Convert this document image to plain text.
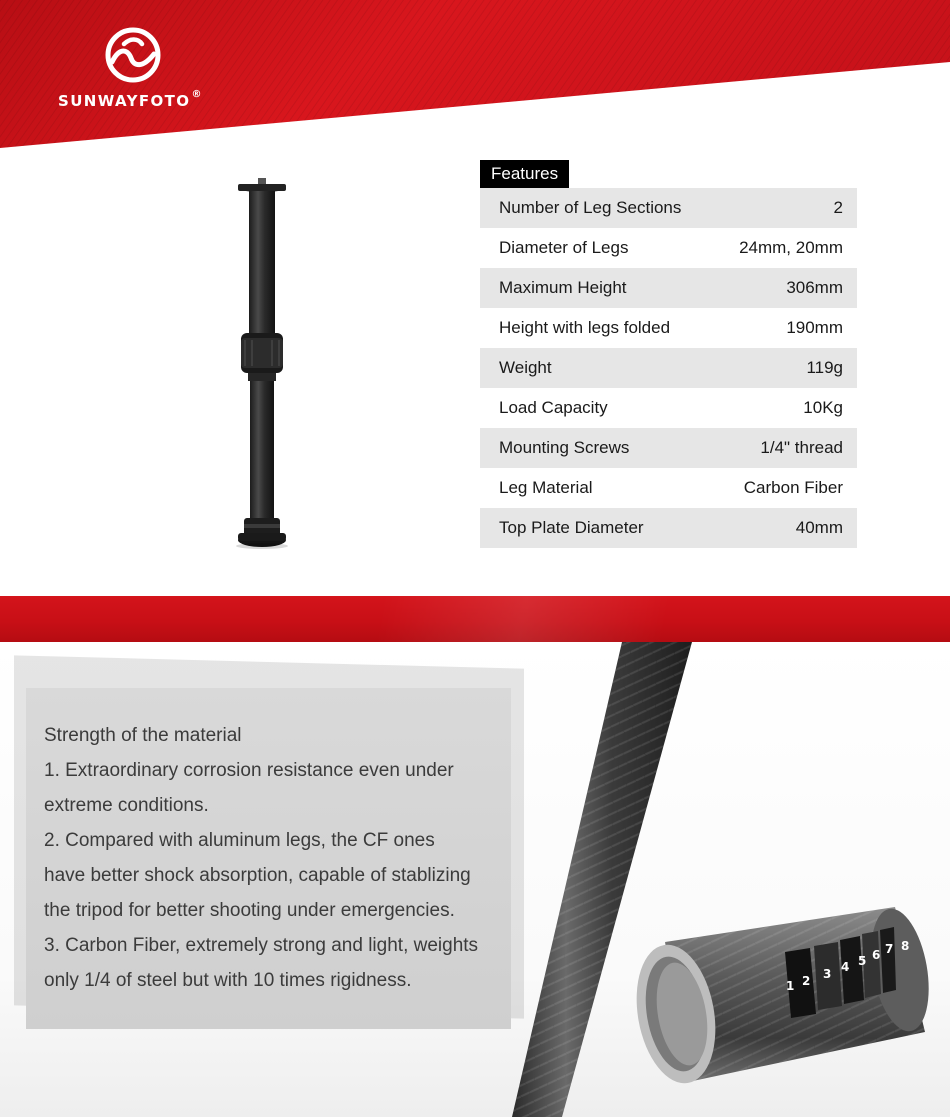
SUNWAYFOTO®
Features
Number of Leg Sections	2
Diameter of Legs	24mm, 20mm
Maximum Height	306mm
Height with legs folded	190mm
Weight	119g
Load Capacity	10Kg
Mounting Screws	1/4" thread
Leg Material	Carbon Fiber
Top Plate Diameter	40mm
Strength of the material
1. Extraordinary corrosion resistance even under
extreme conditions.
2. Compared with aluminum legs, the CF ones
have better shock absorption, capable of stablizing
the tripod for better shooting under emergencies.
3. Carbon Fiber, extremely strong and light, weights
only 1/4 of steel but with 10 times rigidness.	1 2 3 4 5 6 7 8
